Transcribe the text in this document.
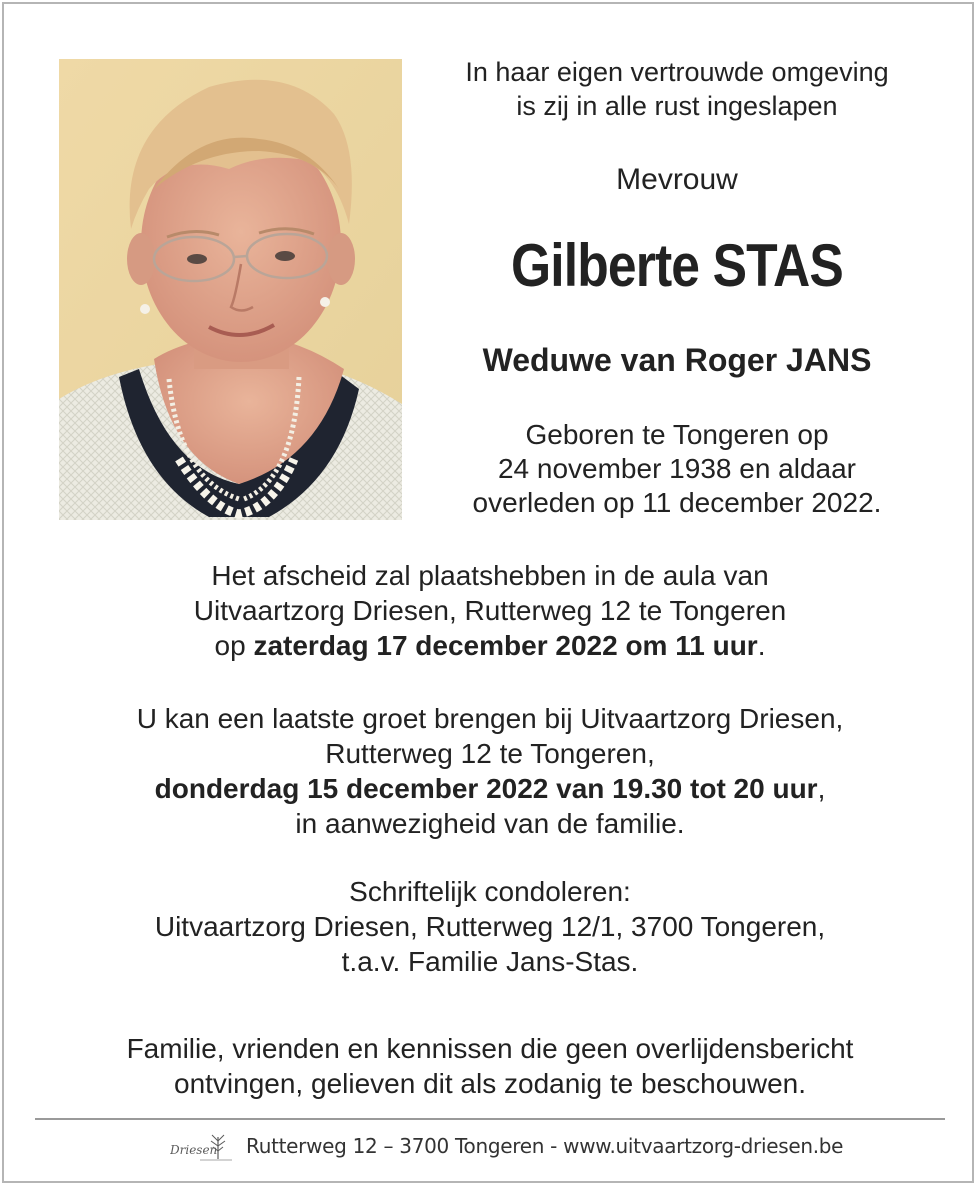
In haar eigen vertrouwde omgeving
is zij in alle rust ingeslapen
Mevrouw
Gilberte STAS
Weduwe van Roger JANS
Geboren te Tongeren op
24 november 1938 en aldaar
overleden op 11 december 2022.
Het afscheid zal plaatshebben in de aula van
Uitvaartzorg Driesen, Rutterweg 12 te Tongeren
op zaterdag 17 december 2022 om 11 uur.
U kan een laatste groet brengen bij Uitvaartzorg Driesen,
Rutterweg 12 te Tongeren,
donderdag 15 december 2022 van 19.30 tot 20 uur,
in aanwezigheid van de familie.
Schriftelijk condoleren:
Uitvaartzorg Driesen, Rutterweg 12/1, 3700 Tongeren,
t.a.v. Familie Jans-Stas.
Familie, vrienden en kennissen die geen overlijdensbericht
ontvingen, gelieven dit als zodanig te beschouwen.
Driesen Rutterweg 12 – 3700 Tongeren - www.uitvaartzorg-driesen.be
